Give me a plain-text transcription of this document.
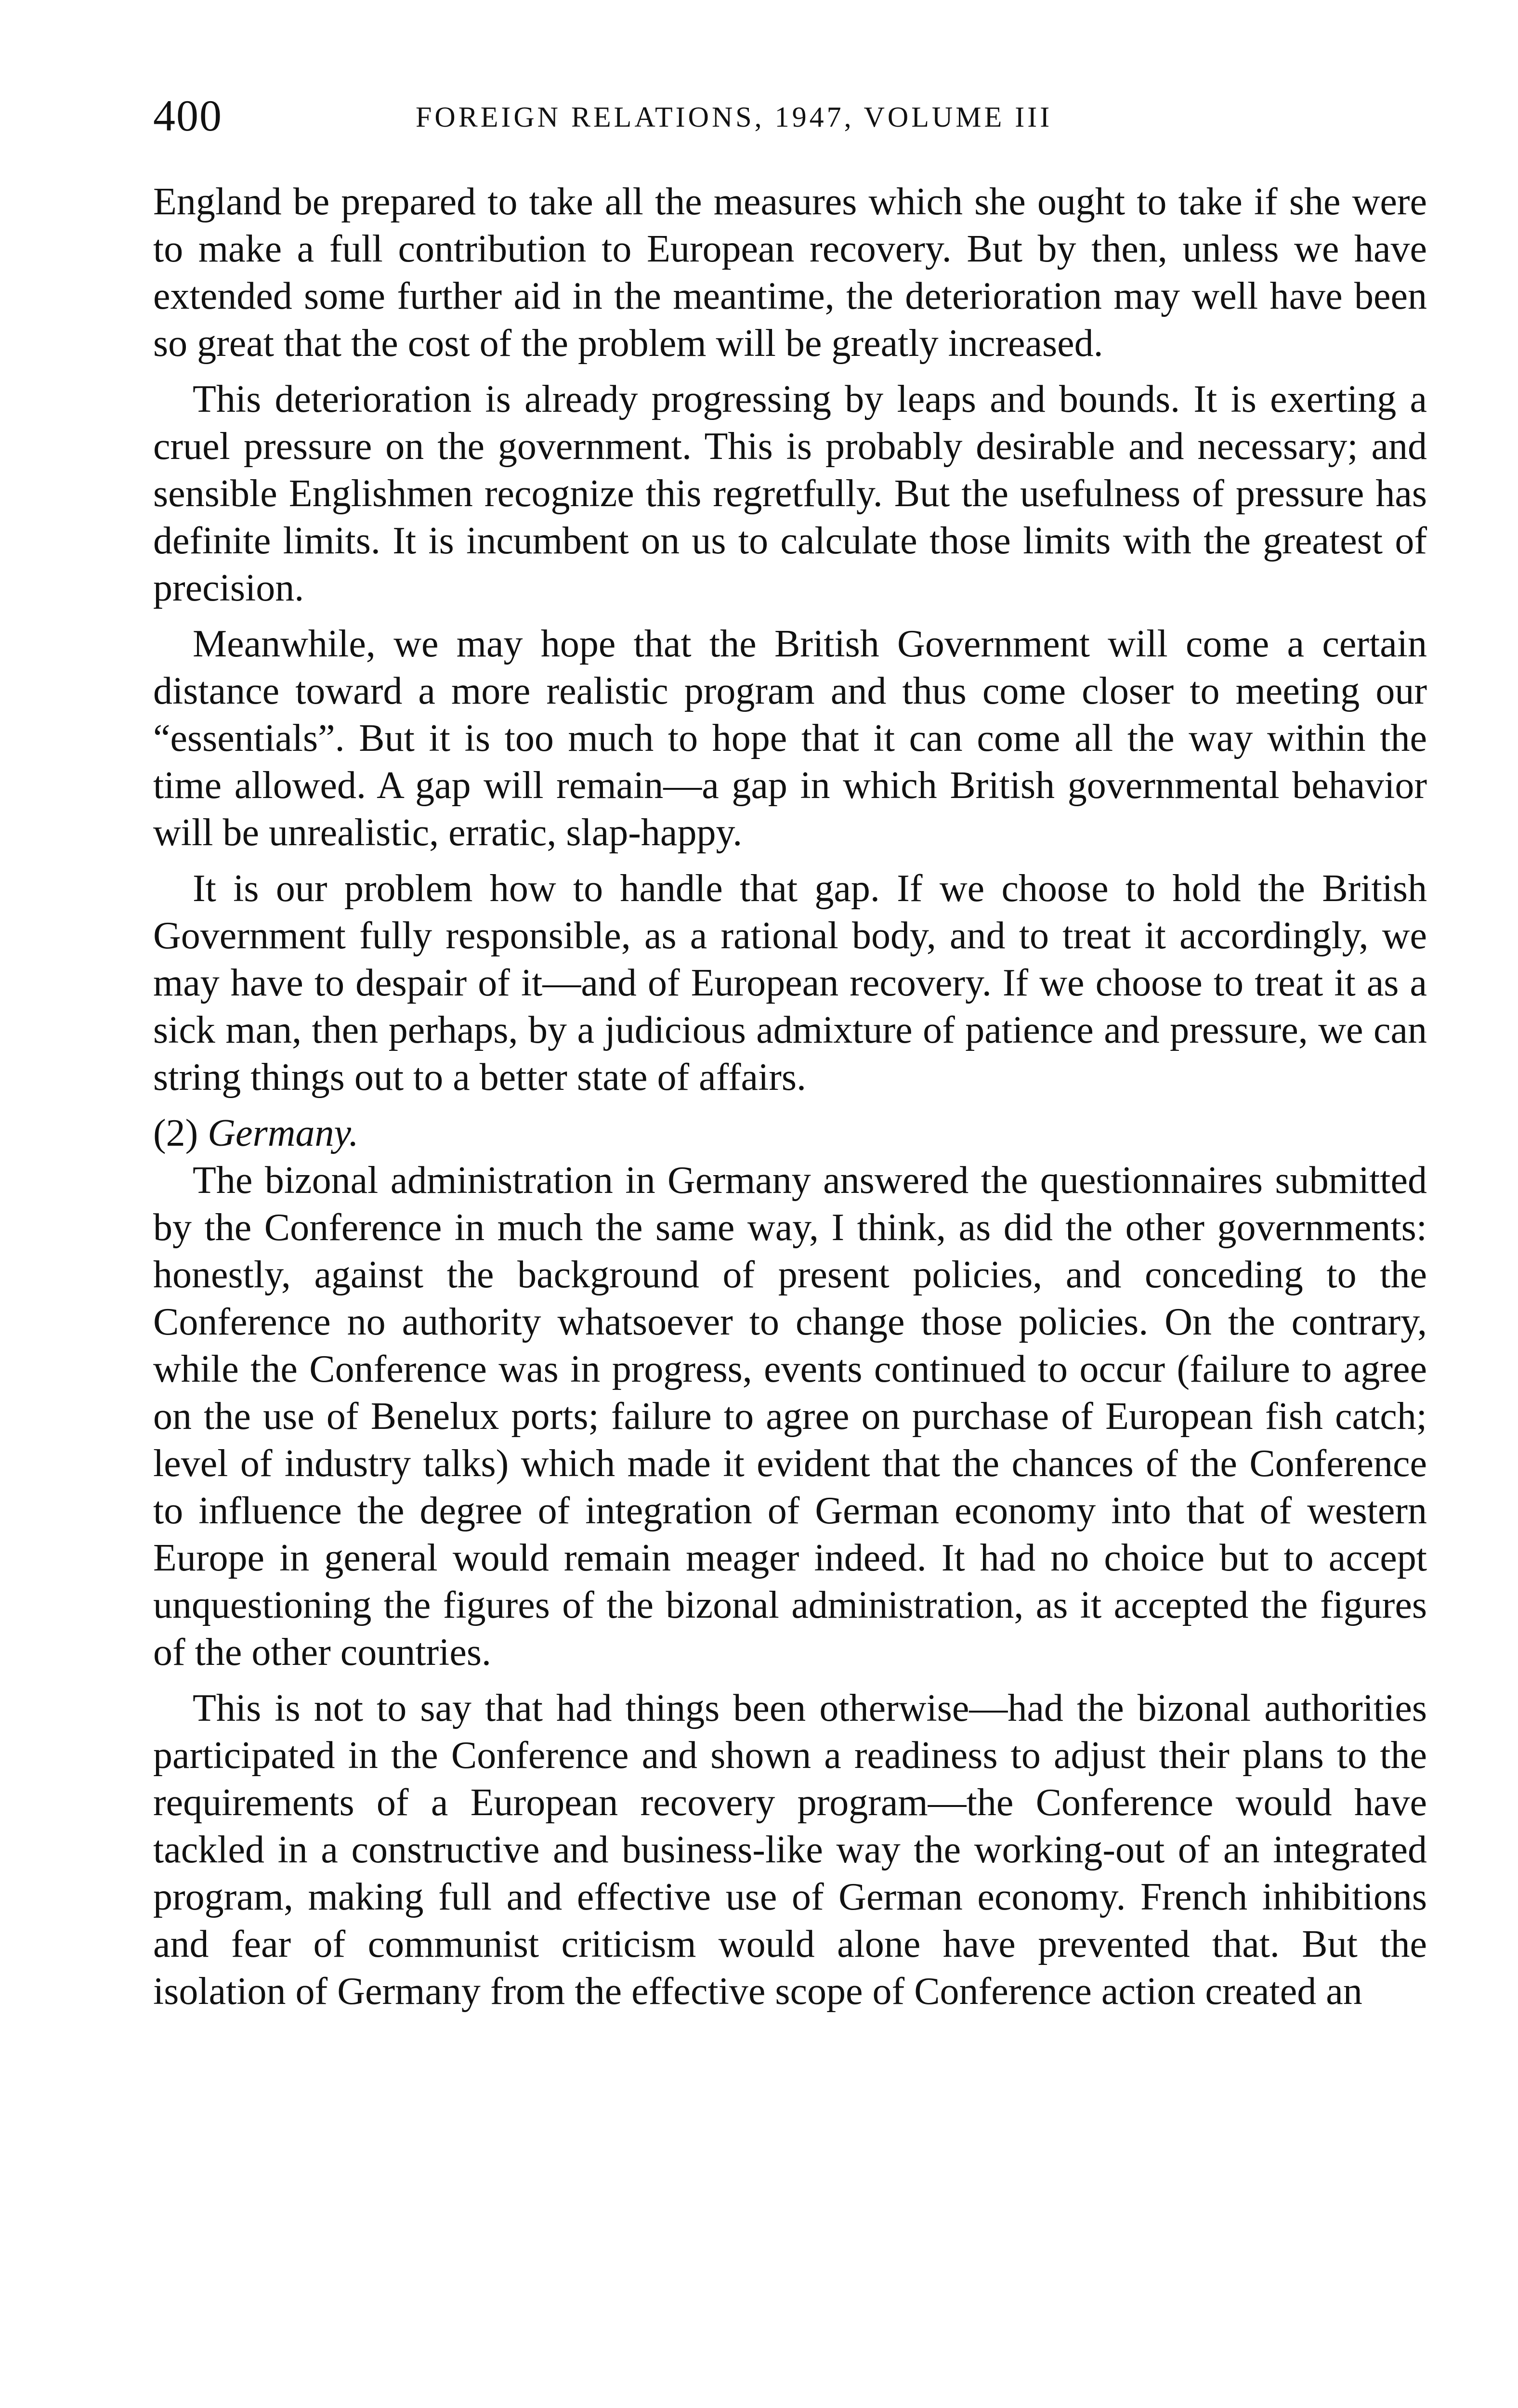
400	FOREIGN RELATIONS, 1947, VOLUME III

England be prepared to take all the measures which she ought to take if she were to make a full contribution to European recovery. But by then, unless we have extended some further aid in the meantime, the deterioration may well have been so great that the cost of the problem will be greatly increased.

This deterioration is already progressing by leaps and bounds. It is exerting a cruel pressure on the government. This is probably desirable and necessary; and sensible Englishmen recognize this regretfully. But the usefulness of pressure has definite limits. It is incumbent on us to calculate those limits with the greatest of precision.

Meanwhile, we may hope that the British Government will come a certain distance toward a more realistic program and thus come closer to meeting our “essentials”. But it is too much to hope that it can come all the way within the time allowed. A gap will remain—a gap in which British governmental behavior will be unrealistic, erratic, slap-happy.

It is our problem how to handle that gap. If we choose to hold the British Government fully responsible, as a rational body, and to treat it accordingly, we may have to despair of it—and of European recovery. If we choose to treat it as a sick man, then perhaps, by a judicious admixture of patience and pressure, we can string things out to a better state of affairs.

(2) Germany.

The bizonal administration in Germany answered the questionnaires submitted by the Conference in much the same way, I think, as did the other governments: honestly, against the background of present policies, and conceding to the Conference no authority whatsoever to change those policies. On the contrary, while the Conference was in progress, events continued to occur (failure to agree on the use of Benelux ports; failure to agree on purchase of European fish catch; level of industry talks) which made it evident that the chances of the Conference to influence the degree of integration of German economy into that of western Europe in general would remain meager indeed. It had no choice but to accept unquestioning the figures of the bizonal administration, as it accepted the figures of the other countries.

This is not to say that had things been otherwise—had the bizonal authorities participated in the Conference and shown a readiness to adjust their plans to the requirements of a European recovery program—the Conference would have tackled in a constructive and business-like way the working-out of an integrated program, making full and effective use of German economy. French inhibitions and fear of communist criticism would alone have prevented that. But the isolation of Germany from the effective scope of Conference action created an
